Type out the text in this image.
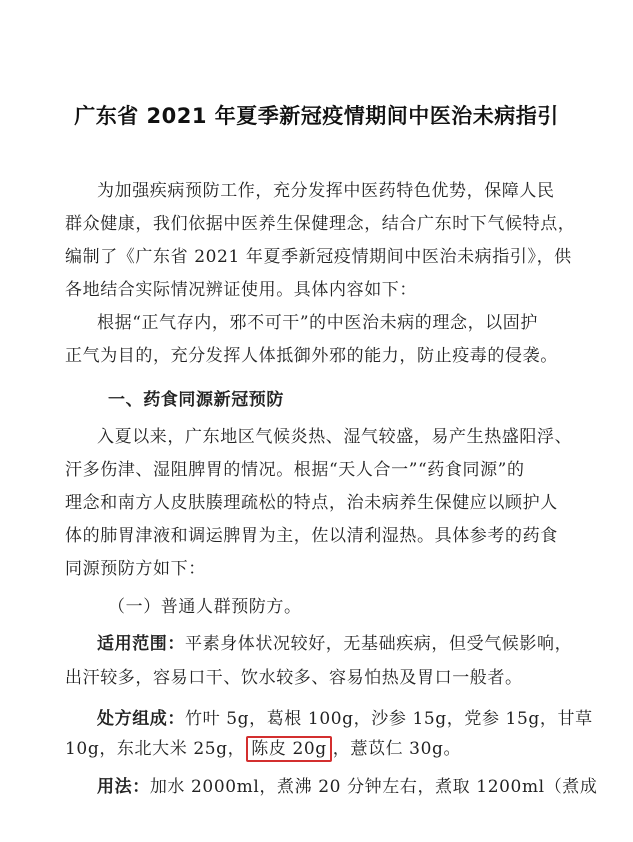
广东省 2021 年夏季新冠疫情期间中医治未病指引
为加强疾病预防工作，充分发挥中医药特色优势，保障人民
群众健康，我们依据中医养生保健理念，结合广东时下气候特点，
编制了《广东省 2021 年夏季新冠疫情期间中医治未病指引》，供
各地结合实际情况辨证使用。具体内容如下：
根据“正气存内，邪不可干”的中医治未病的理念，以固护
正气为目的，充分发挥人体抵御外邪的能力，防止疫毒的侵袭。
一、药食同源新冠预防
入夏以来，广东地区气候炎热、湿气较盛，易产生热盛阳浮、
汗多伤津、湿阻脾胃的情况。根据“天人合一”“药食同源”的
理念和南方人皮肤腠理疏松的特点，治未病养生保健应以顾护人
体的肺胃津液和调运脾胃为主，佐以清利湿热。具体参考的药食
同源预防方如下：
（一）普通人群预防方。
适用范围：平素身体状况较好，无基础疾病，但受气候影响，
出汗较多，容易口干、饮水较多、容易怕热及胃口一般者。
处方组成：竹叶 5g，葛根 100g，沙参 15g，党参 15g，甘草
10g，东北大米 25g， 陈皮 20g ，薏苡仁 30g。
用法：加水 2000ml，煮沸 20 分钟左右，煮取 1200ml（煮成
